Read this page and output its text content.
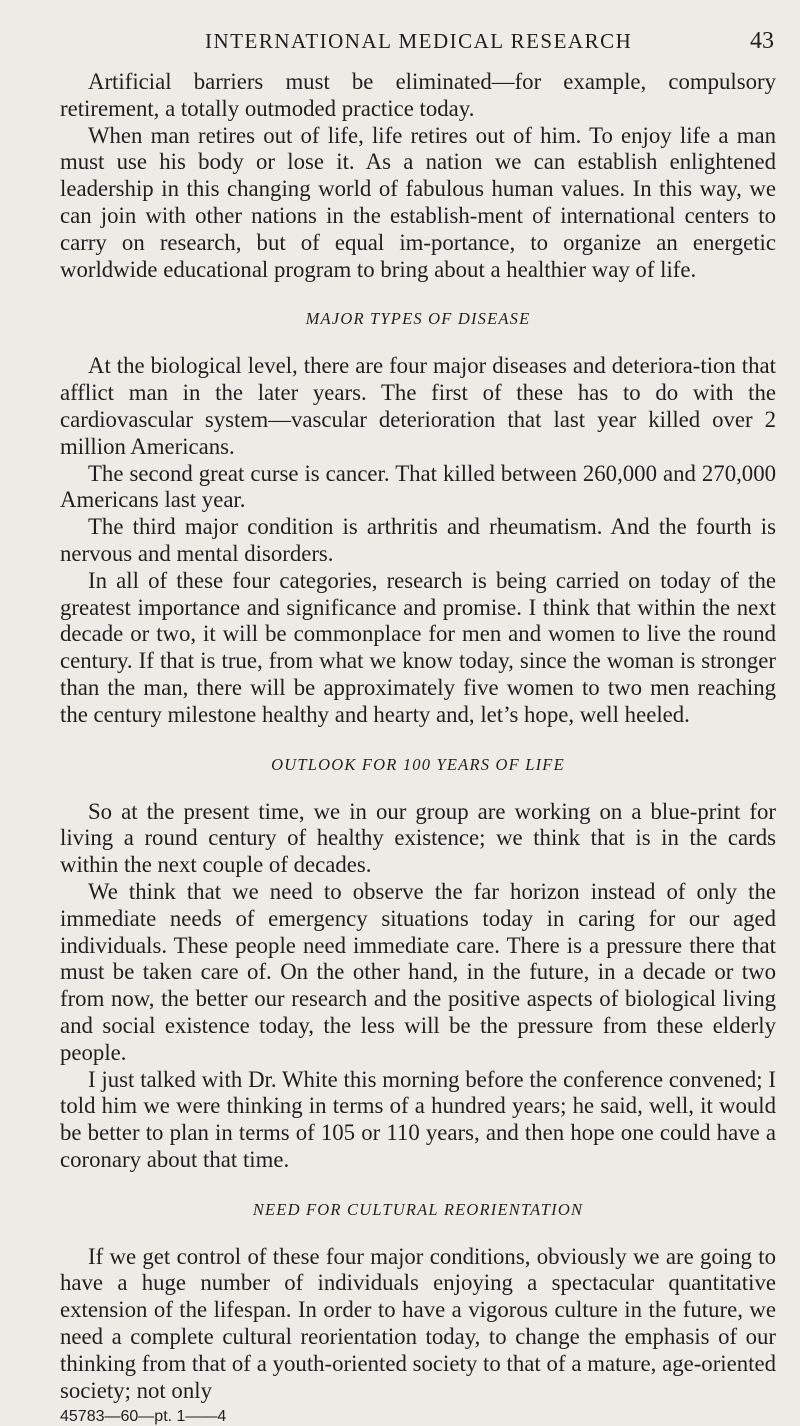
INTERNATIONAL MEDICAL RESEARCH	43

Artificial barriers must be eliminated—for example, compulsory retirement, a totally outmoded practice today.

When man retires out of life, life retires out of him. To enjoy life a man must use his body or lose it. As a nation we can establish enlightened leadership in this changing world of fabulous human values. In this way, we can join with other nations in the establish-ment of international centers to carry on research, but of equal im-portance, to organize an energetic worldwide educational program to bring about a healthier way of life.

MAJOR TYPES OF DISEASE

At the biological level, there are four major diseases and deteriora-tion that afflict man in the later years. The first of these has to do with the cardiovascular system—vascular deterioration that last year killed over 2 million Americans.

The second great curse is cancer. That killed between 260,000 and 270,000 Americans last year.

The third major condition is arthritis and rheumatism. And the fourth is nervous and mental disorders.

In all of these four categories, research is being carried on today of the greatest importance and significance and promise. I think that within the next decade or two, it will be commonplace for men and women to live the round century. If that is true, from what we know today, since the woman is stronger than the man, there will be approximately five women to two men reaching the century milestone healthy and hearty and, let’s hope, well heeled.

OUTLOOK FOR 100 YEARS OF LIFE

So at the present time, we in our group are working on a blue-print for living a round century of healthy existence; we think that is in the cards within the next couple of decades.

We think that we need to observe the far horizon instead of only the immediate needs of emergency situations today in caring for our aged individuals. These people need immediate care. There is a pressure there that must be taken care of. On the other hand, in the future, in a decade or two from now, the better our research and the positive aspects of biological living and social existence today, the less will be the pressure from these elderly people.

I just talked with Dr. White this morning before the conference convened; I told him we were thinking in terms of a hundred years; he said, well, it would be better to plan in terms of 105 or 110 years, and then hope one could have a coronary about that time.

NEED FOR CULTURAL REORIENTATION

If we get control of these four major conditions, obviously we are going to have a huge number of individuals enjoying a spectacular quantitative extension of the lifespan. In order to have a vigorous culture in the future, we need a complete cultural reorientation today, to change the emphasis of our thinking from that of a youth-oriented society to that of a mature, age-oriented society; not only

45783—60—pt. 1——4
